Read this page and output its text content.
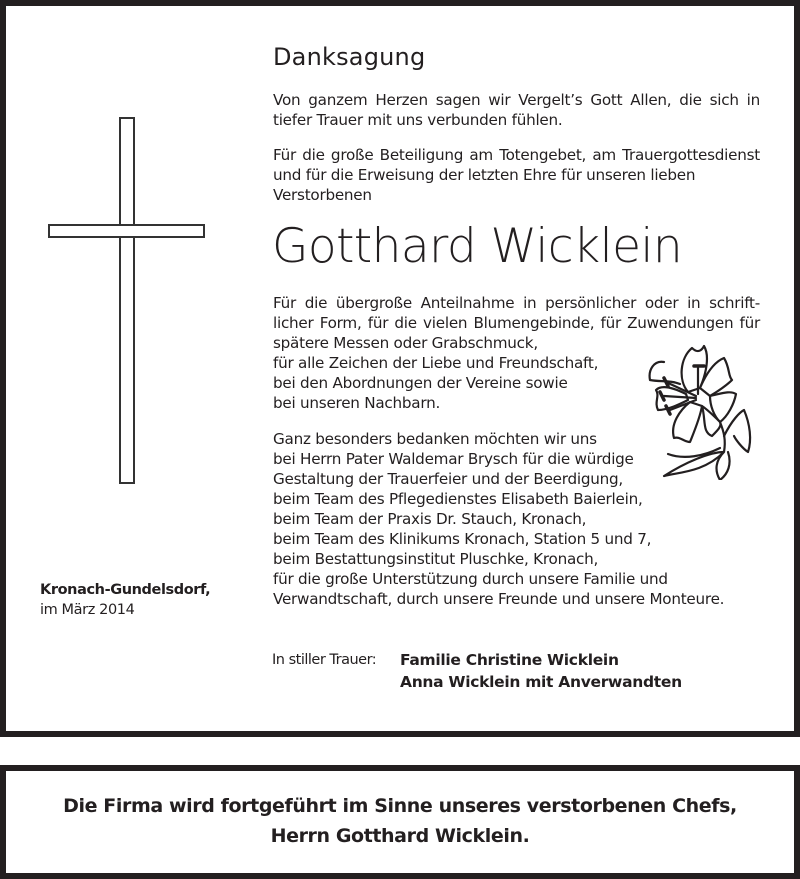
Danksagung
Von ganzem Herzen sagen wir Vergelt’s Gott Allen, die sich in
tiefer Trauer mit uns verbunden fühlen.
Für die große Beteiligung am Totengebet, am Trauergottesdienst
und für die Erweisung der letzten Ehre für unseren lieben
Verstorbenen
Gotthard Wicklein
Für die übergroße Anteilnahme in persönlicher oder in schrift-
licher Form, für die vielen Blumengebinde, für Zuwendungen für
spätere Messen oder Grabschmuck,
für alle Zeichen der Liebe und Freundschaft,
bei den Abordnungen der Vereine sowie
bei unseren Nachbarn.
Ganz besonders bedanken möchten wir uns
bei Herrn Pater Waldemar Brysch für die würdige
Gestaltung der Trauerfeier und der Beerdigung,
beim Team des Pflegedienstes Elisabeth Baierlein,
beim Team der Praxis Dr. Stauch, Kronach,
beim Team des Klinikums Kronach, Station 5 und 7,
beim Bestattungsinstitut Pluschke, Kronach,
für die große Unterstützung durch unsere Familie und
Verwandtschaft, durch unsere Freunde und unsere Monteure.
Kronach-Gundelsdorf,
im März 2014
In stiller Trauer: Familie Christine Wicklein
Anna Wicklein mit Anverwandten
Die Firma wird fortgeführt im Sinne unseres verstorbenen Chefs,
Herrn Gotthard Wicklein.
